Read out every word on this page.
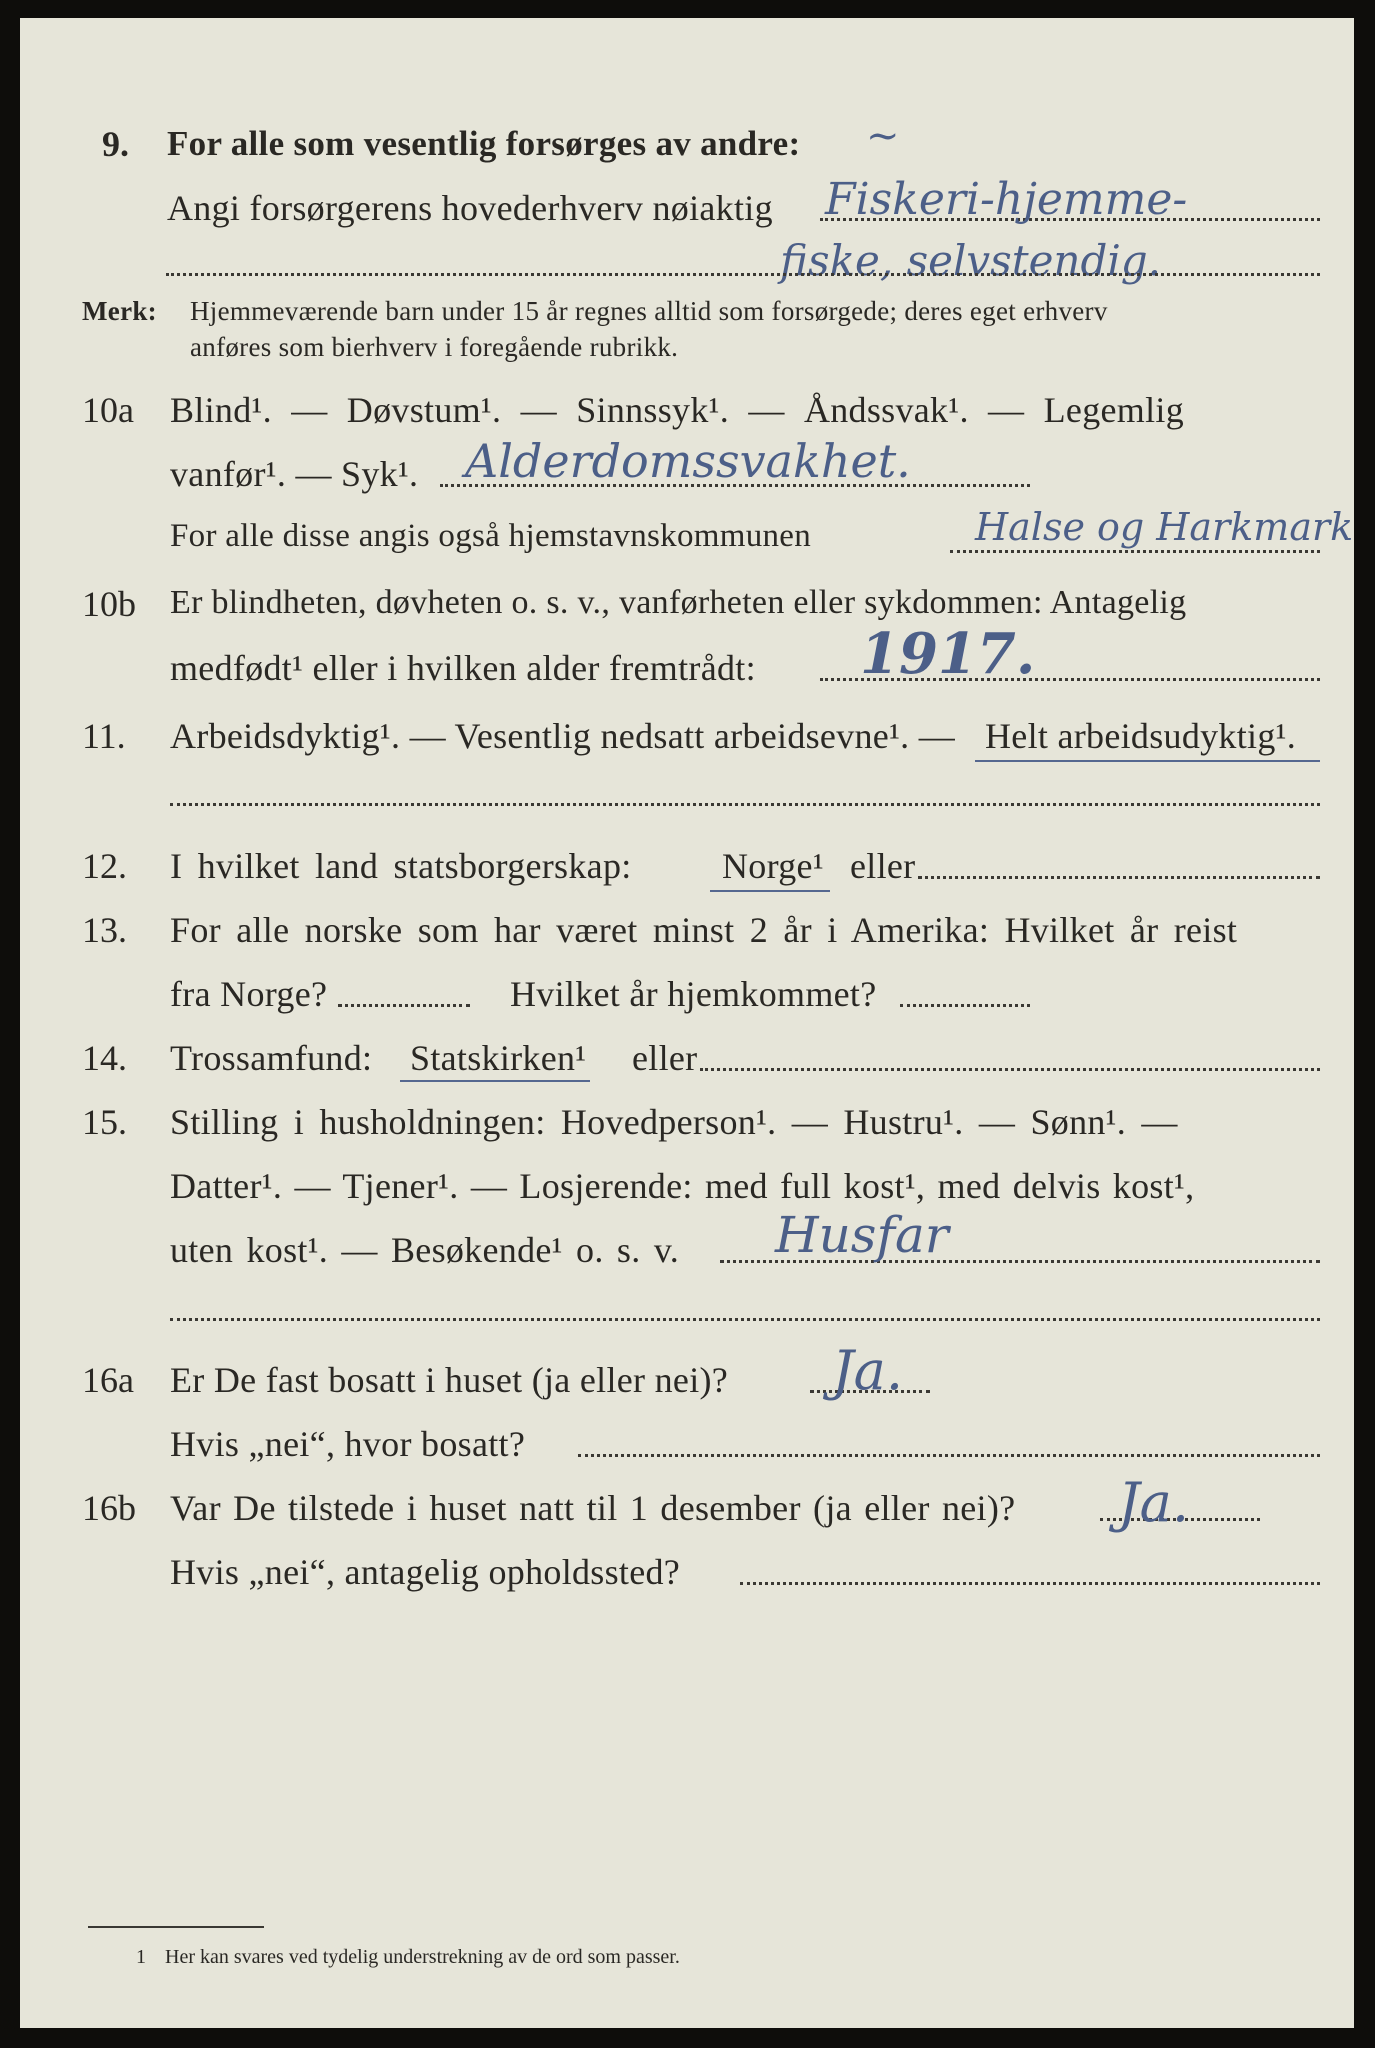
9. For alle som vesentlig forsørges av andre: ~
Angi forsørgerens hovederhverv nøiaktig Fiskeri-hjemme-
fiske, selvstendig.
Merk: Hjemmeværende barn under 15 år regnes alltid som forsørgede; deres eget erhverv
anføres som bierhverv i foregående rubrikk.
10a Blind¹. — Døvstum¹. — Sinnssyk¹. — Åndssvak¹. — Legemlig
vanfør¹. — Syk¹. Alderdomssvakhet.
For alle disse angis også hjemstavnskommunen	Halse og Harkmark
10b Er blindheten, døvheten o. s. v., vanførheten eller sykdommen: Antagelig
medfødt¹ eller i hvilken alder fremtrådt: 1917.
11. Arbeidsdyktig¹. — Vesentlig nedsatt arbeidsevne¹. — Helt arbeidsudyktig¹.
12. I hvilket land statsborgerskap:	Norge¹ eller
13. For alle norske som har været minst 2 år i Amerika: Hvilket år reist
fra Norge?	Hvilket år hjemkommet?
14. Trossamfund: Statskirken¹ eller
15. Stilling i husholdningen: Hovedperson¹. — Hustru¹. — Sønn¹. —
Datter¹. — Tjener¹. — Losjerende: med full kost¹, med delvis kost¹,
uten kost¹. — Besøkende¹ o. s. v. Husfar
16a Er De fast bosatt i huset (ja eller nei)? Ja.
Hvis „nei“, hvor bosatt?
16b Var De tilstede i huset natt til 1 desember (ja eller nei)? Ja.
Hvis „nei“, antagelig opholdssted?
1 Her kan svares ved tydelig understrekning av de ord som passer.
